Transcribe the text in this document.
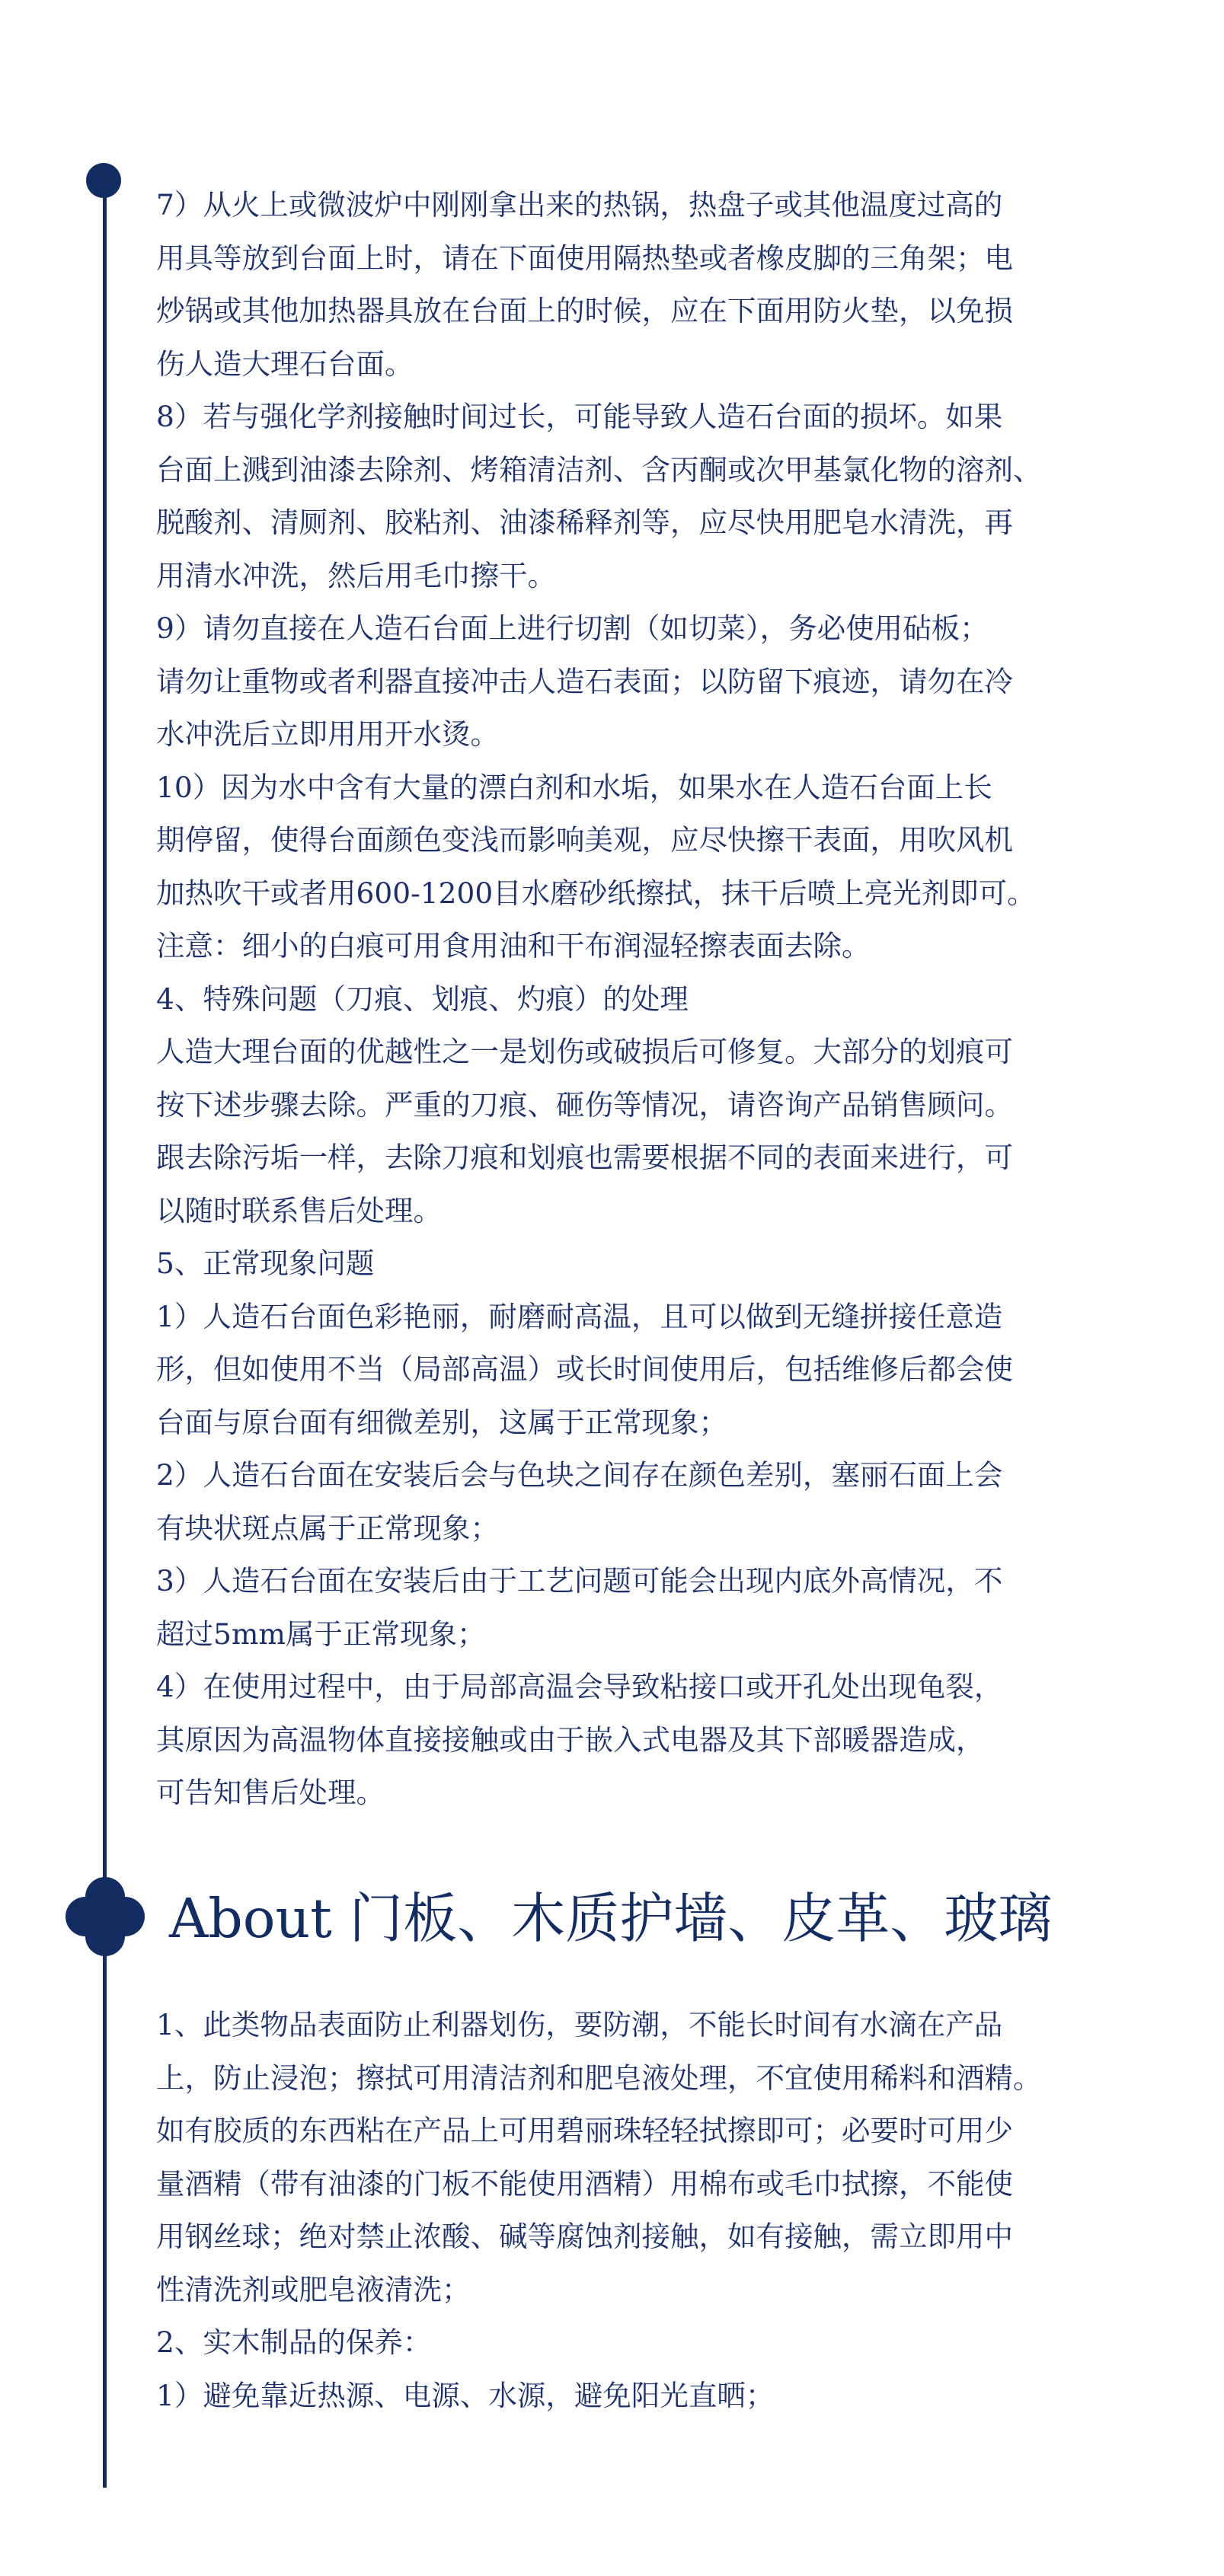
7）从火上或微波炉中刚刚拿出来的热锅，热盘子或其他温度过高的

用具等放到台面上时，请在下面使用隔热垫或者橡皮脚的三角架；电

炒锅或其他加热器具放在台面上的时候，应在下面用防火垫，以免损

伤人造大理石台面。

8）若与强化学剂接触时间过长，可能导致人造石台面的损坏。如果

台面上溅到油漆去除剂、烤箱清洁剂、含丙酮或次甲基氯化物的溶剂、

脱酸剂、清厕剂、胶粘剂、油漆稀释剂等，应尽快用肥皂水清洗，再

用清水冲洗，然后用毛巾擦干。

9）请勿直接在人造石台面上进行切割（如切菜），务必使用砧板；

请勿让重物或者利器直接冲击人造石表面；以防留下痕迹，请勿在冷

水冲洗后立即用用开水烫。

10）因为水中含有大量的漂白剂和水垢，如果水在人造石台面上长

期停留，使得台面颜色变浅而影响美观，应尽快擦干表面，用吹风机

加热吹干或者用600-1200目水磨砂纸擦拭，抹干后喷上亮光剂即可。

注意：细小的白痕可用食用油和干布润湿轻擦表面去除。

4、特殊问题（刀痕、划痕、灼痕）的处理

人造大理台面的优越性之一是划伤或破损后可修复。大部分的划痕可

按下述步骤去除。严重的刀痕、砸伤等情况，请咨询产品销售顾问。

跟去除污垢一样，去除刀痕和划痕也需要根据不同的表面来进行，可

以随时联系售后处理。

5、正常现象问题

1）人造石台面色彩艳丽，耐磨耐高温，且可以做到无缝拼接任意造

形，但如使用不当（局部高温）或长时间使用后，包括维修后都会使

台面与原台面有细微差别，这属于正常现象；

2）人造石台面在安装后会与色块之间存在颜色差别，塞丽石面上会

有块状斑点属于正常现象；

3）人造石台面在安装后由于工艺问题可能会出现内底外高情况，不

超过5mm属于正常现象；

4）在使用过程中，由于局部高温会导致粘接口或开孔处出现龟裂，

其原因为高温物体直接接触或由于嵌入式电器及其下部暖器造成，

可告知售后处理。

About 门板、木质护墙、皮革、玻璃

1、此类物品表面防止利器划伤，要防潮，不能长时间有水滴在产品

上，防止浸泡；擦拭可用清洁剂和肥皂液处理，不宜使用稀料和酒精。

如有胶质的东西粘在产品上可用碧丽珠轻轻拭擦即可；必要时可用少

量酒精（带有油漆的门板不能使用酒精）用棉布或毛巾拭擦，不能使

用钢丝球；绝对禁止浓酸、碱等腐蚀剂接触，如有接触，需立即用中

性清洗剂或肥皂液清洗；

2、实木制品的保养：

1）避免靠近热源、电源、水源，避免阳光直晒；
